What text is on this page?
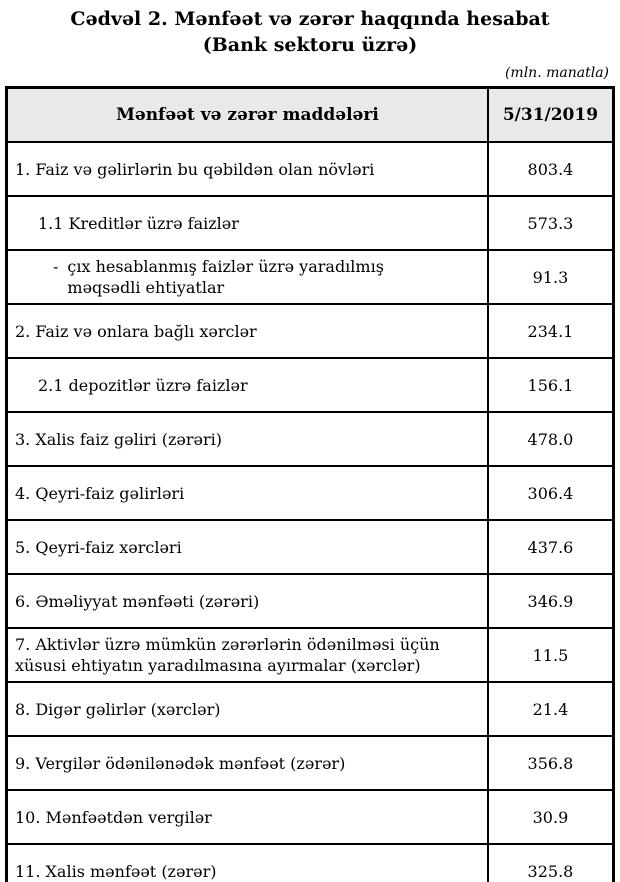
Cədvəl 2. Mənfəət və zərər haqqında hesabat
(Bank sektoru üzrə)
(mln. manatla)
Mənfəət və zərər maddələri	5/31/2019
1. Faiz və gəlirlərin bu qəbildən olan növləri	803.4
1.1 Kreditlər üzrə faizlər	573.3

- çıx hesablanmış faizlər üzrə yaradılmış məqsədli ehtiyatlar	91.3
2. Faiz və onlara bağlı xərclər	234.1
2.1 depozitlər üzrə faizlər	156.1
3. Xalis faiz gəliri (zərəri)	478.0
4. Qeyri-faiz gəlirləri	306.4
5. Qeyri-faiz xərcləri	437.6
6. Əməliyyat mənfəəti (zərəri)	346.9
7. Aktivlər üzrə mümkün zərərlərin ödənilməsi üçün xüsusi ehtiyatın yaradılmasına ayırmalar (xərclər)	11.5
8. Digər gəlirlər (xərclər)	21.4
9. Vergilər ödənilənədək mənfəət (zərər)	356.8
10. Mənfəətdən vergilər	30.9
11. Xalis mənfəət (zərər)	325.8
